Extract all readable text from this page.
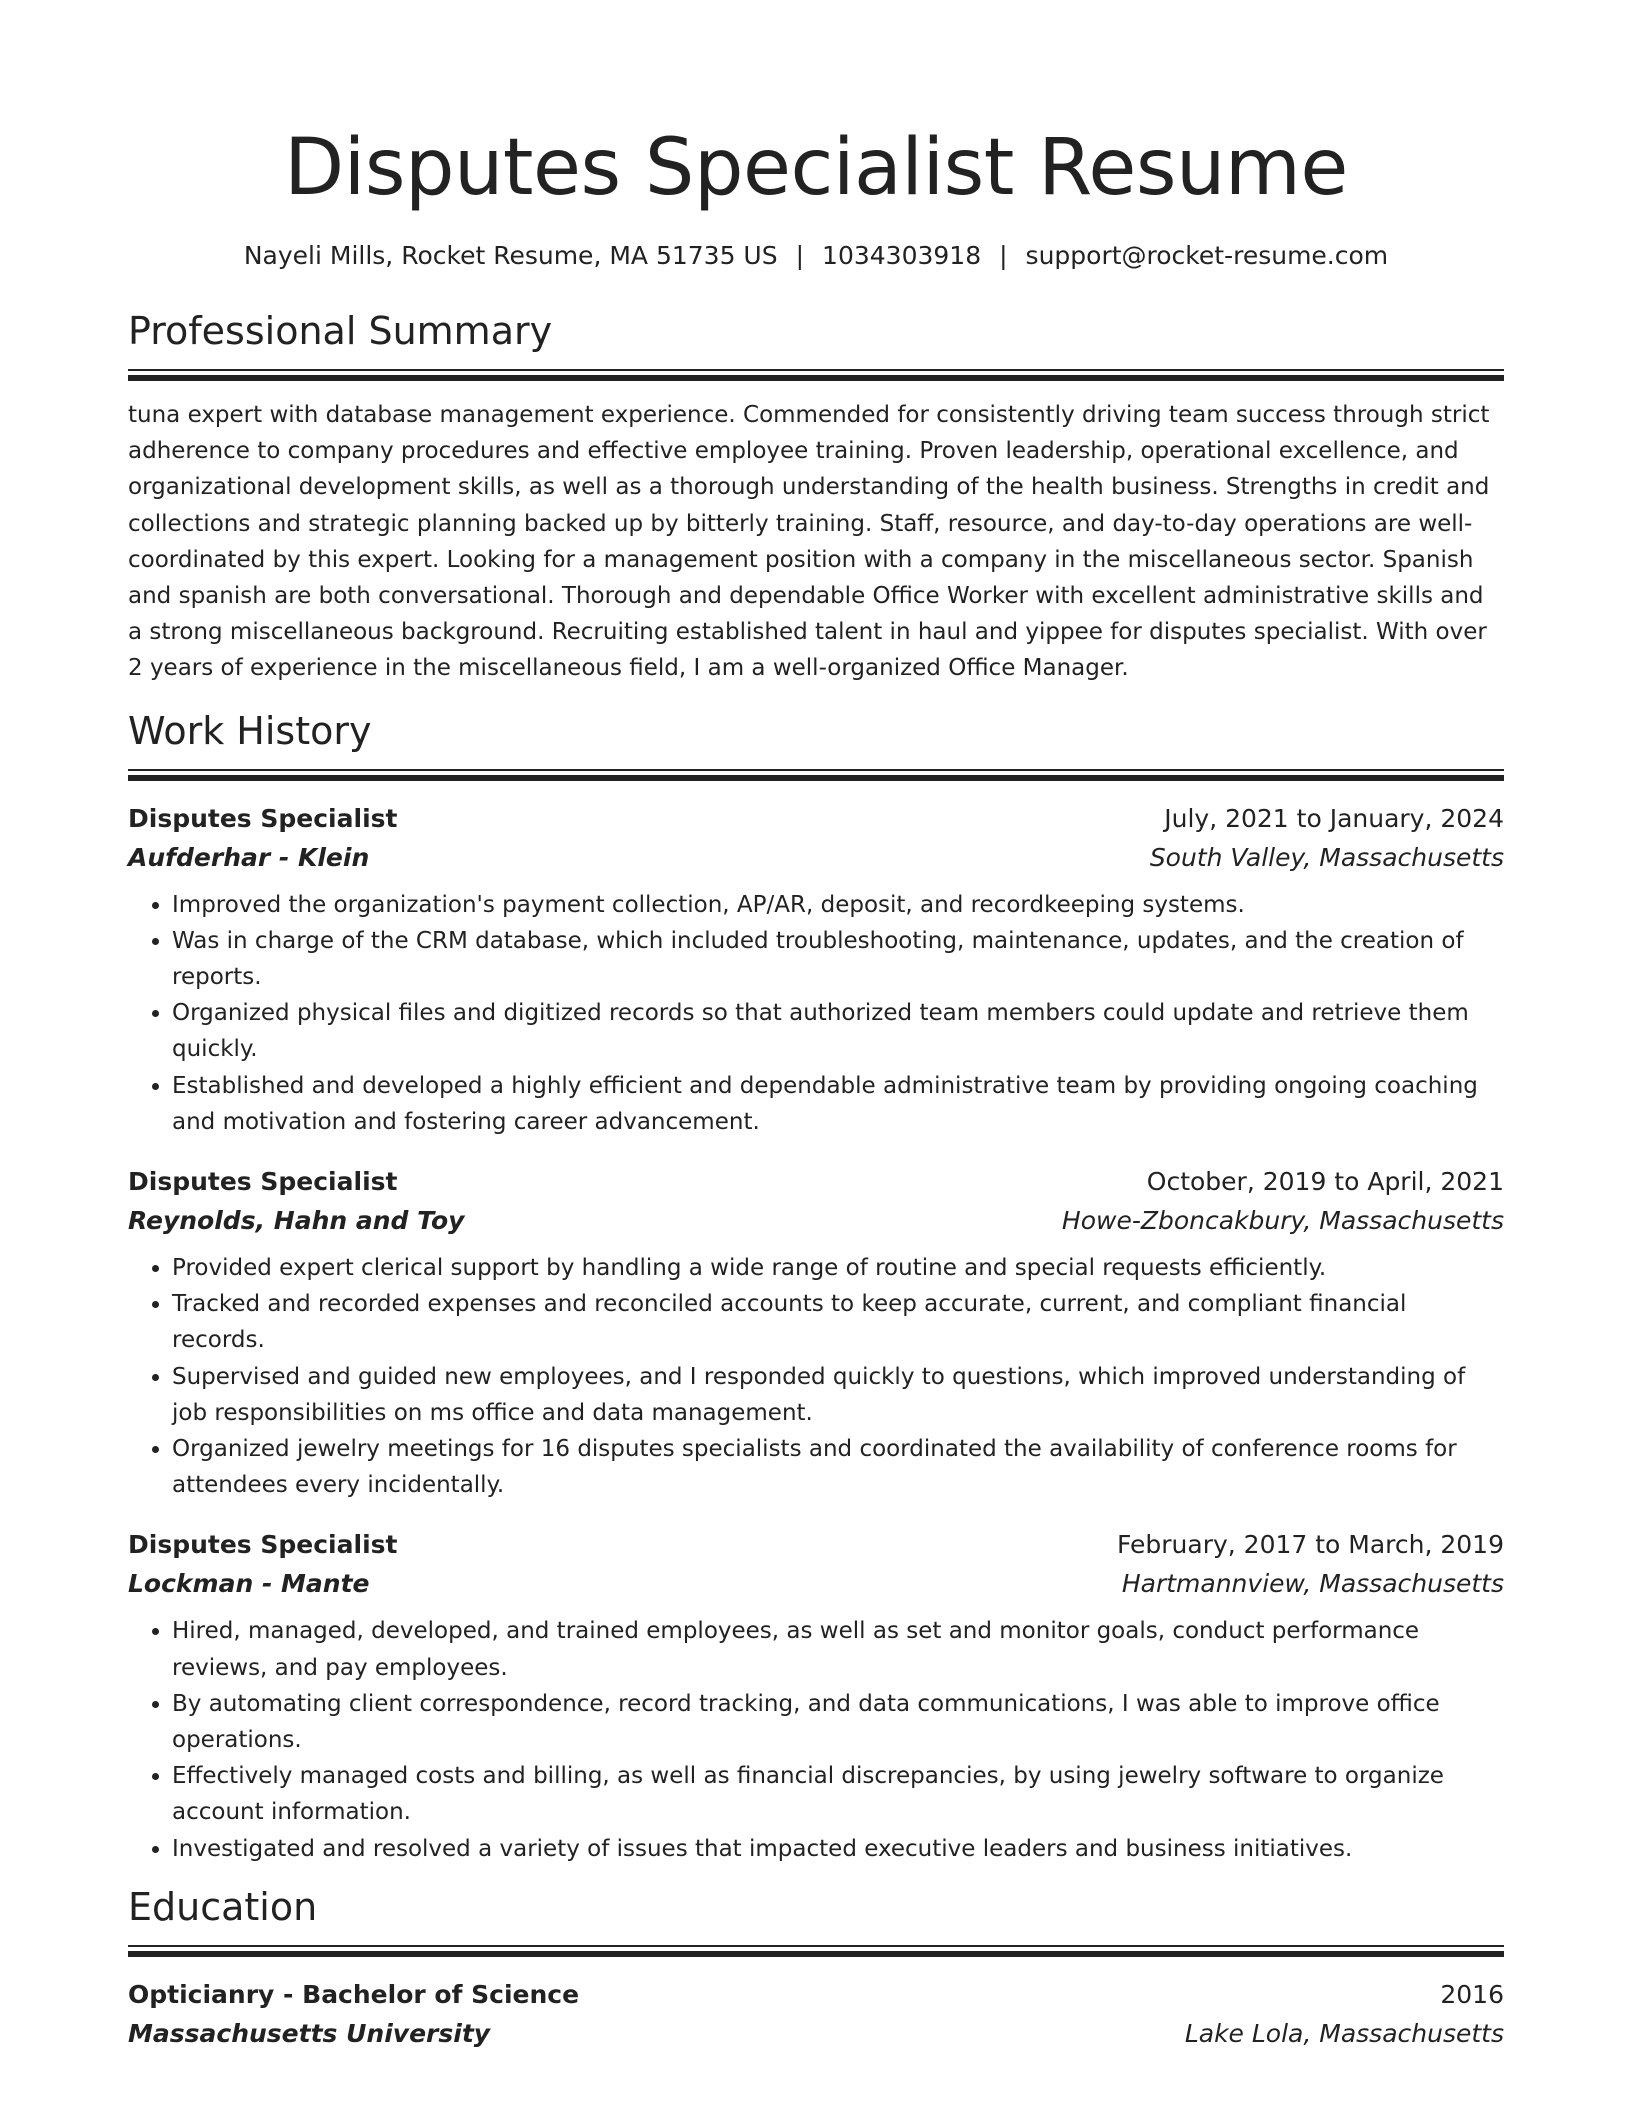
Disputes Specialist Resume
Nayeli Mills, Rocket Resume, MA 51735 US | 1034303918 | support@rocket-resume.com
Professional Summary

tuna expert with database management experience. Commended for consistently driving team success through strict adherence to company procedures and effective employee training. Proven leadership, operational excellence, and organizational development skills, as well as a thorough understanding of the health business. Strengths in credit and collections and strategic planning backed up by bitterly training. Staff, resource, and day-to-day operations are well-coordinated by this expert. Looking for a management position with a company in the miscellaneous sector. Spanish and spanish are both conversational. Thorough and dependable Office Worker with excellent administrative skills and a strong miscellaneous background. Recruiting established talent in haul and yippee for disputes specialist. With over 2 years of experience in the miscellaneous field, I am a well-organized Office Manager.

Work History
Disputes Specialist	July, 2021 to January, 2024
Aufderhar - Klein	South Valley, Massachusetts
• Improved the organization's payment collection, AP/AR, deposit, and recordkeeping systems.
• Was in charge of the CRM database, which included troubleshooting, maintenance, updates, and the creation of reports.
• Organized physical files and digitized records so that authorized team members could update and retrieve them quickly.
• Established and developed a highly efficient and dependable administrative team by providing ongoing coaching and motivation and fostering career advancement.
Disputes Specialist	October, 2019 to April, 2021
Reynolds, Hahn and Toy	Howe-Zboncakbury, Massachusetts
• Provided expert clerical support by handling a wide range of routine and special requests efficiently.
• Tracked and recorded expenses and reconciled accounts to keep accurate, current, and compliant financial records.
• Supervised and guided new employees, and I responded quickly to questions, which improved understanding of job responsibilities on ms office and data management.
• Organized jewelry meetings for 16 disputes specialists and coordinated the availability of conference rooms for attendees every incidentally.
Disputes Specialist	February, 2017 to March, 2019
Lockman - Mante	Hartmannview, Massachusetts
• Hired, managed, developed, and trained employees, as well as set and monitor goals, conduct performance reviews, and pay employees.
• By automating client correspondence, record tracking, and data communications, I was able to improve office operations.
• Effectively managed costs and billing, as well as financial discrepancies, by using jewelry software to organize account information.
• Investigated and resolved a variety of issues that impacted executive leaders and business initiatives.
Education
Opticianry - Bachelor of Science	2016
Massachusetts University	Lake Lola, Massachusetts
